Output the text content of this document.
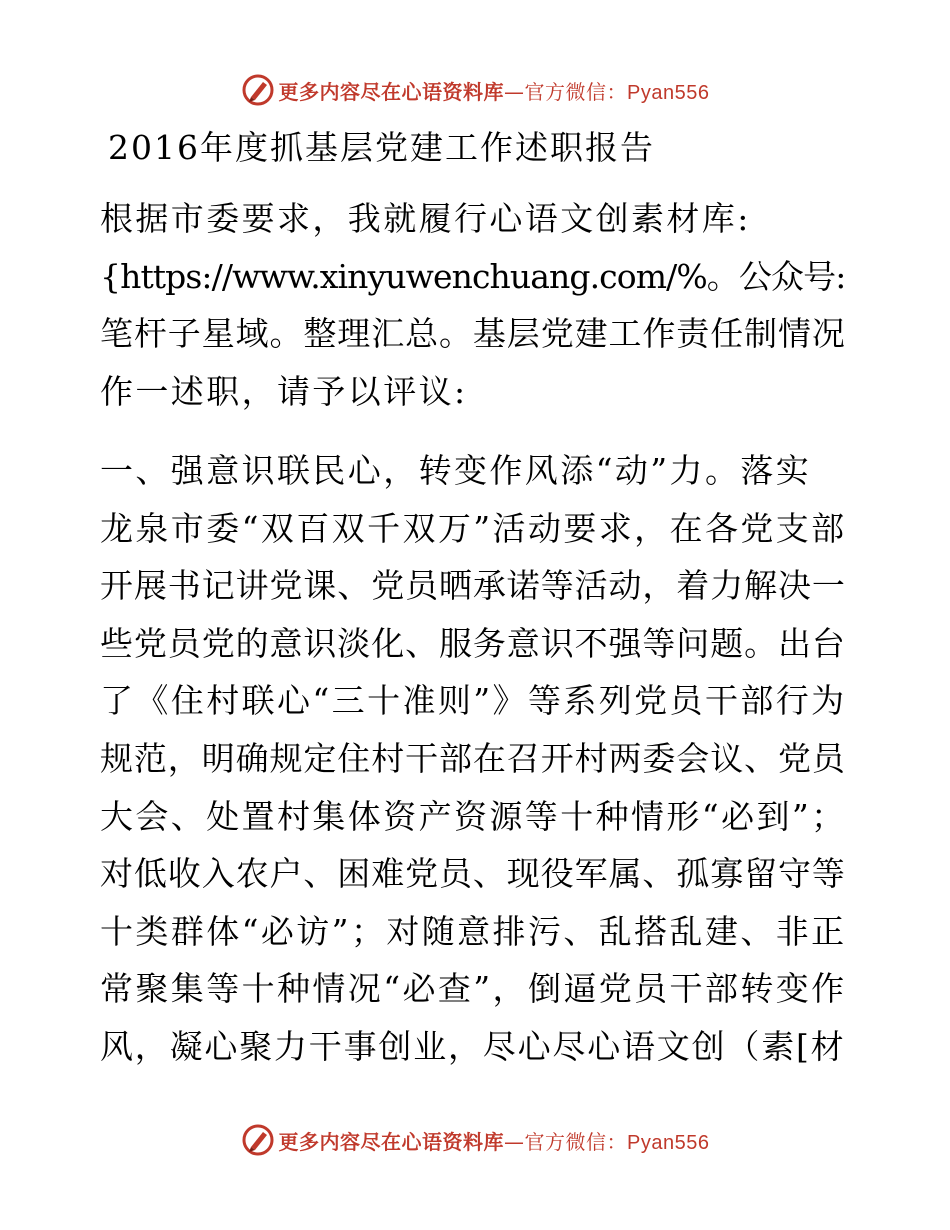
更多内容尽在心语资料库—官方微信：Pyan556
2016年度抓基层党建工作述职报告
根据市委要求，我就履行心语文创素材库:
{https://www.xinyuwenchuang.com/%。公众号:
笔杆子星域。整理汇总。基层党建工作责任制情况
作一述职，请予以评议:
一、强意识联民心，转变作风添“动”力。落实
龙泉市委“双百双千双万”活动要求，在各党支部
开展书记讲党课、党员晒承诺等活动，着力解决一
些党员党的意识淡化、服务意识不强等问题。出台
了《住村联心“三十准则”》等系列党员干部行为
规范，明确规定住村干部在召开村两委会议、党员
大会、处置村集体资产资源等十种情形“必到”；
对低收入农户、困难党员、现役军属、孤寡留守等
十类群体“必访”；对随意排污、乱搭乱建、非正
常聚集等十种情况“必查”，倒逼党员干部转变作
风，凝心聚力干事创业，尽心尽心语文创（素[材
更多内容尽在心语资料库—官方微信：Pyan556
